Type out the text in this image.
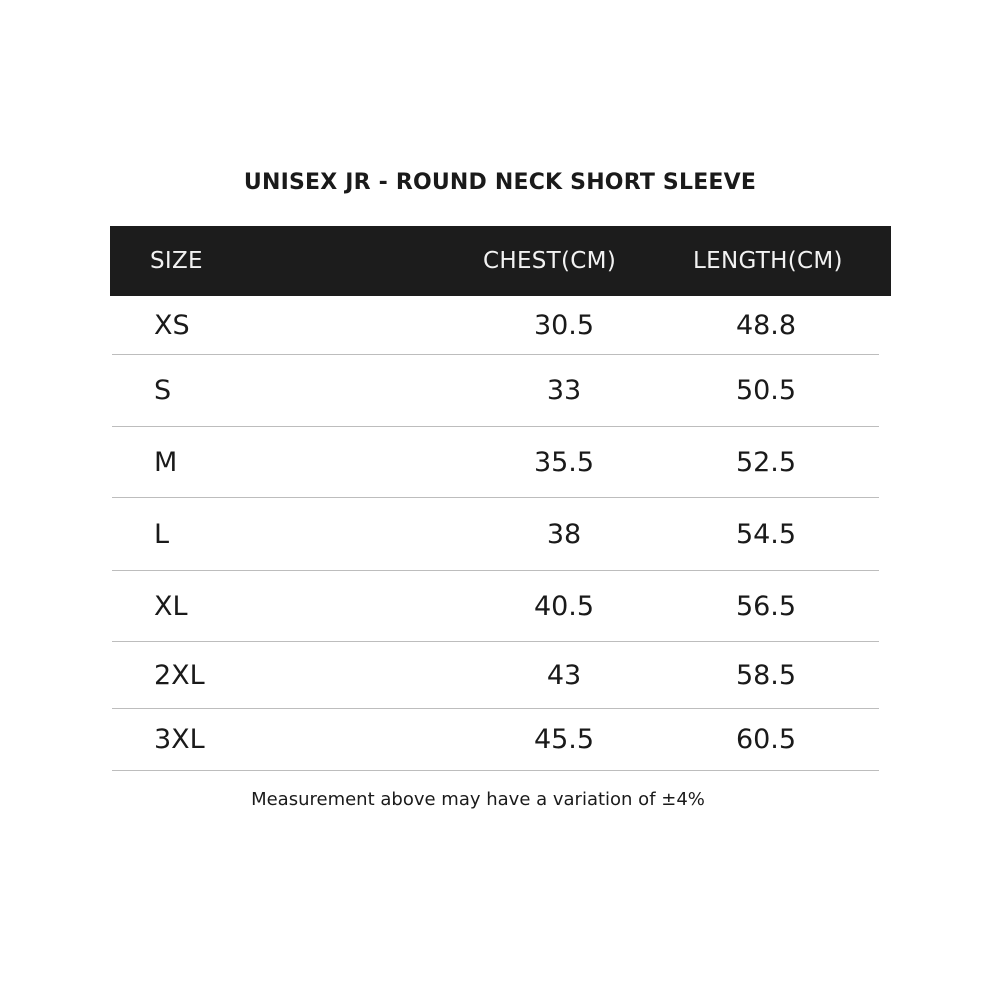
UNISEX JR - ROUND NECK SHORT SLEEVE
SIZE	CHEST(CM)	LENGTH(CM)
XS	30.5	48.8
S	33	50.5
M	35.5	52.5
L	38	54.5
XL	40.5	56.5
2XL	43	58.5
3XL	45.5	60.5
Measurement above may have a variation of ±4%
